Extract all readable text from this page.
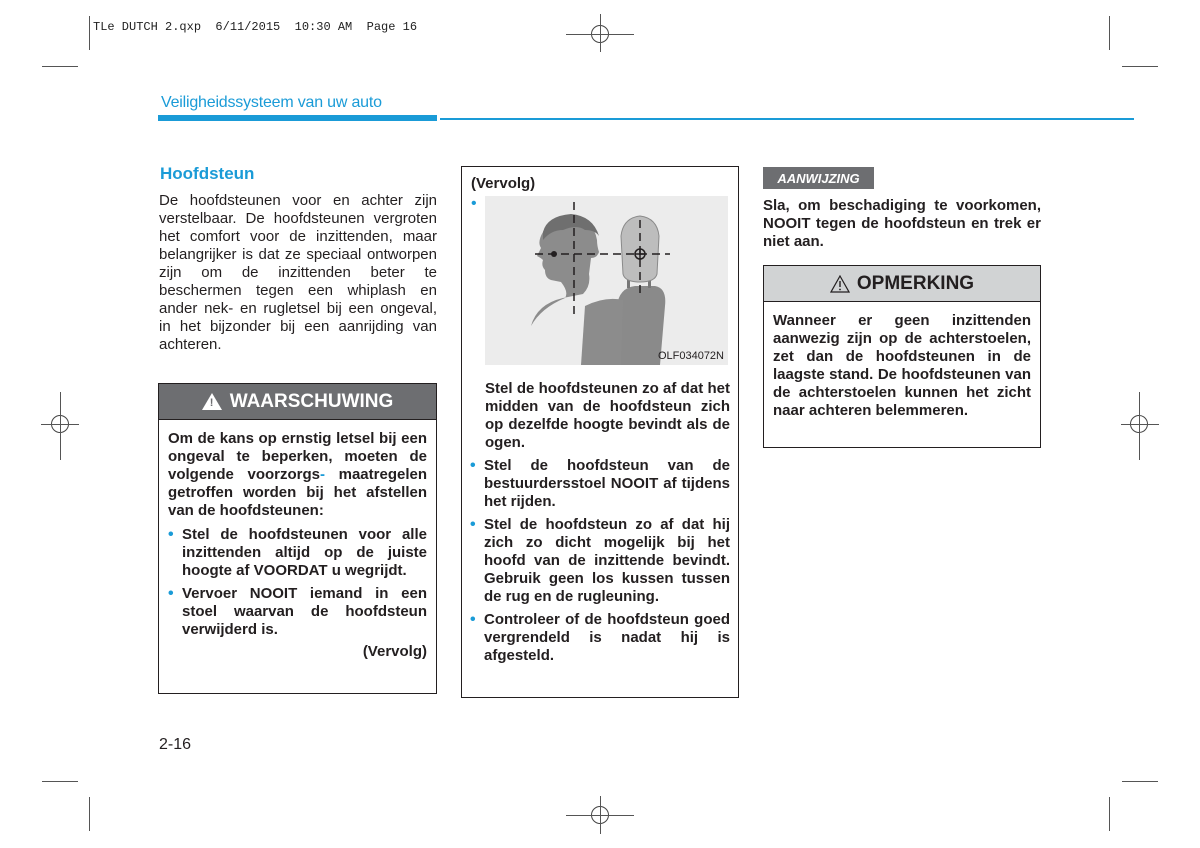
TLe DUTCH 2.qxp  6/11/2015  10:30 AM  Page 16
Veiligheidssysteem van uw auto
Hoofdsteun
De hoofdsteunen voor en achter zijn verstelbaar. De hoofdsteunen vergroten het comfort voor de inzittenden, maar belangrijker is dat ze speciaal ontworpen zijn om de inzittenden beter te beschermen tegen een whiplash en ander nek- en rugletsel bij een ongeval, in het bijzonder bij een aanrijding van achteren.
! WAARSCHUWING

Om de kans op ernstig letsel bij een ongeval te beperken, moeten de volgende voorzorgs- maatregelen getroffen worden bij het afstellen van de hoofdsteunen:

• Stel de hoofdsteunen voor alle inzittenden altijd op de juiste hoogte af VOORDAT u wegrijdt.
• Vervoer NOOIT iemand in een stoel waarvan de hoofdsteun verwijderd is.

(Vervolg)

(Vervolg)

•
OLF034072N

Stel de hoofdsteunen zo af dat het midden van de hoofdsteun zich op dezelfde hoogte bevindt als de ogen.

• Stel de hoofdsteun van de bestuurdersstoel NOOIT af tijdens het rijden.
• Stel de hoofdsteun zo af dat hij zich zo dicht mogelijk bij het hoofd van de inzittende bevindt. Gebruik geen los kussen tussen de rug en de rugleuning.
• Controleer of de hoofdsteun goed vergrendeld is nadat hij is afgesteld.
AANWIJZING

Sla, om beschadiging te voorkomen, NOOIT tegen de hoofdsteun en trek er niet aan.

OPMERKING

Wanneer er geen inzittenden aanwezig zijn op de achterstoelen, zet dan de hoofdsteunen in de laagste stand. De hoofdsteunen van de achterstoelen kunnen het zicht naar achteren belemmeren.

2-16
